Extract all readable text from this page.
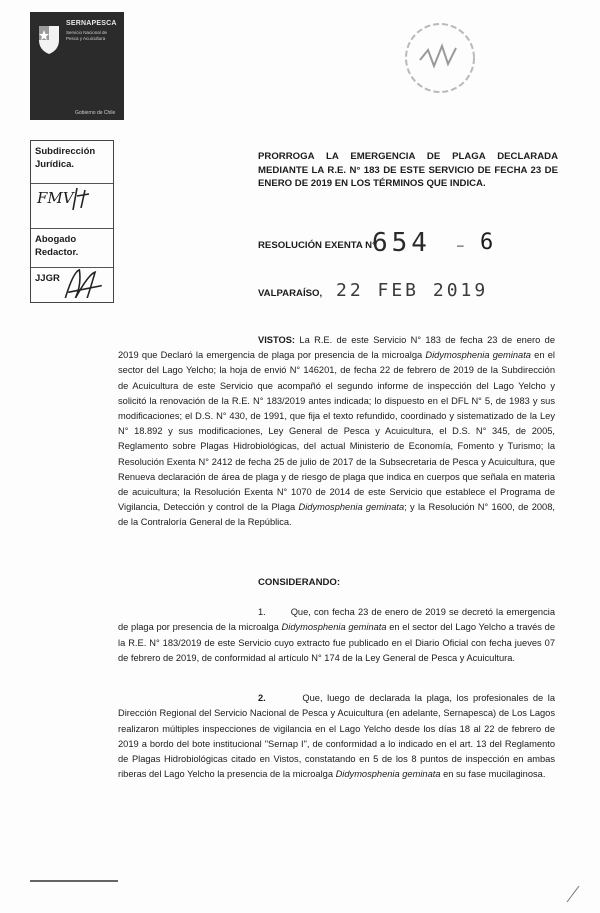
SERNAPESCA
Servicio Nacional de Pesca y Acuicultura
Gobierno de Chile
Subdirección Jurídica.
FMV
Abogado Redactor.
JJGR
PRORROGA LA EMERGENCIA DE PLAGA DECLARADA MEDIANTE LA R.E. N° 183 DE ESTE SERVICIO DE FECHA 23 DE ENERO DE 2019 EN LOS TÉRMINOS QUE INDICA.
RESOLUCIÓN EXENTA N°
654 – 6
VALPARAÍSO, 22 FEB 2019
VISTOS: La R.E. de este Servicio N° 183 de fecha 23 de enero de 2019 que Declaró la emergencia de plaga por presencia de la microalga Didymosphenia geminata en el sector del Lago Yelcho; la hoja de envió N° 146201, de fecha 22 de febrero de 2019 de la Subdirección de Acuicultura de este Servicio que acompañó el segundo informe de inspección del Lago Yelcho y solicitó la renovación de la R.E. N° 183/2019 antes indicada; lo dispuesto en el DFL N° 5, de 1983 y sus modificaciones; el D.S. N° 430, de 1991, que fija el texto refundido, coordinado y sistematizado de la Ley N° 18.892 y sus modificaciones, Ley General de Pesca y Acuicultura, el D.S. N° 345, de 2005, Reglamento sobre Plagas Hidrobiológicas, del actual Ministerio de Economía, Fomento y Turismo; la Resolución Exenta N° 2412 de fecha 25 de julio de 2017 de la Subsecretaria de Pesca y Acuicultura, que Renueva declaración de área de plaga y de riesgo de plaga que indica en cuerpos que señala en materia de acuicultura; la Resolución Exenta N° 1070 de 2014 de este Servicio que establece el Programa de Vigilancia, Detección y control de la Plaga Didymosphenia geminata; y la Resolución N° 1600, de 2008, de la Contraloría General de la República.
CONSIDERANDO:
1.	Que, con fecha 23 de enero de 2019 se decretó la emergencia de plaga por presencia de la microalga Didymosphenia geminata en el sector del Lago Yelcho a través de la R.E. N° 183/2019 de este Servicio cuyo extracto fue publicado en el Diario Oficial con fecha jueves 07 de febrero de 2019, de conformidad al artículo N° 174 de la Ley General de Pesca y Acuicultura.
2.	Que, luego de declarada la plaga, los profesionales de la Dirección Regional del Servicio Nacional de Pesca y Acuicultura (en adelante, Sernapesca) de Los Lagos realizaron múltiples inspecciones de vigilancia en el Lago Yelcho desde los días 18 al 22 de febrero de 2019 a bordo del bote institucional "Sernap I", de conformidad a lo indicado en el art. 13 del Reglamento de Plagas Hidrobiológicas citado en Vistos, constatando en 5 de los 8 puntos de inspección en ambas riberas del Lago Yelcho la presencia de la microalga Didymosphenia geminata en su fase mucilaginosa.
